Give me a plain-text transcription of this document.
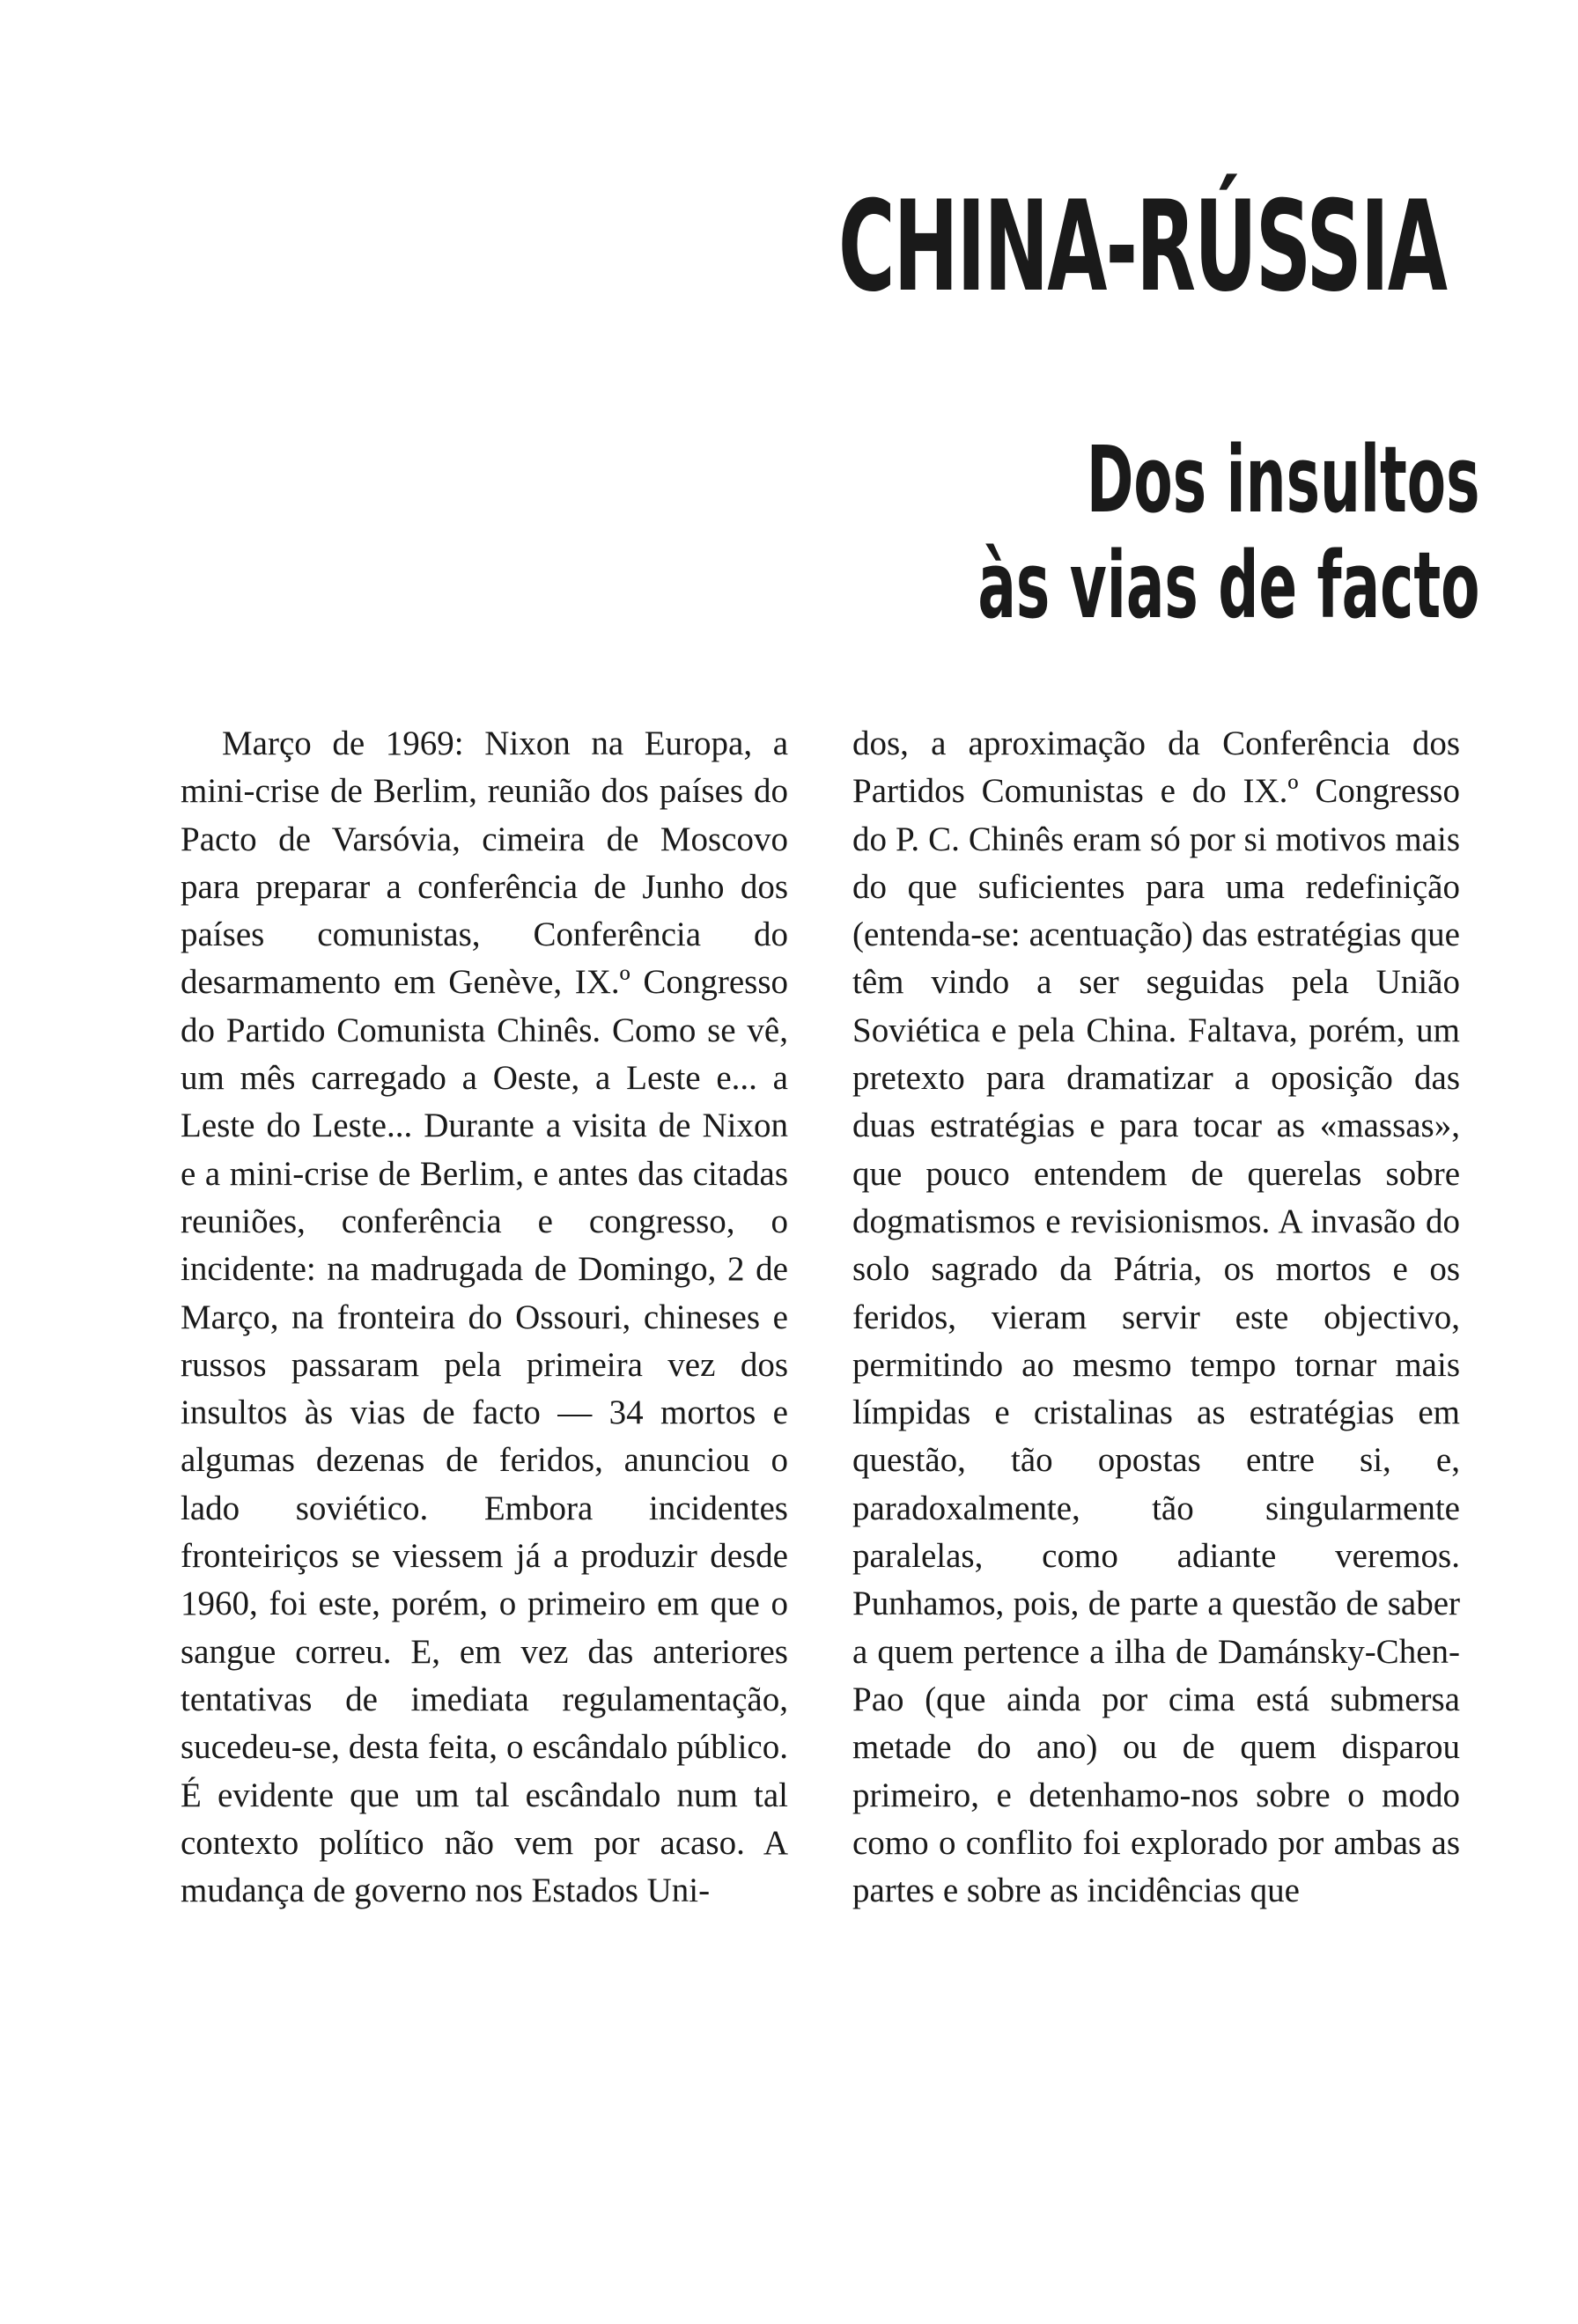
CHINA-RÚSSIA
Dos insultos
às vias de facto

Março de 1969: Nixon na Europa, a mini-crise de Berlim, reunião dos países do Pacto de Varsóvia, cimeira de Moscovo para preparar a conferência de Junho dos países comunistas, Conferência do desarmamento em Genève, IX.º Congresso do Partido Comunista Chinês. Como se vê, um mês carregado a Oeste, a Leste e... a Leste do Leste... Durante a visita de Nixon e a mini-crise de Berlim, e antes das citadas reuniões, conferência e congresso, o incidente: na madrugada de Domingo, 2 de Março, na fronteira do Ossouri, chineses e russos passaram pela primeira vez dos insultos às vias de facto — 34 mortos e algumas dezenas de feridos, anunciou o lado soviético. Embora incidentes fronteiriços se viessem já a produzir desde 1960, foi este, porém, o primeiro em que o sangue correu. E, em vez das anteriores tentativas de imediata regulamentação, sucedeu-se, desta feita, o escândalo público. É evidente que um tal escândalo num tal contexto político não vem por acaso. A mudança de governo nos Estados Uni-

dos, a aproximação da Conferência dos Partidos Comunistas e do IX.º Congresso do P. C. Chinês eram só por si motivos mais do que suficientes para uma redefinição (entenda-se: acentuação) das estratégias que têm vindo a ser seguidas pela União Soviética e pela China. Faltava, porém, um pretexto para dramatizar a oposição das duas estratégias e para tocar as «massas», que pouco entendem de querelas sobre dogmatismos e revisionismos. A invasão do solo sagrado da Pátria, os mortos e os feridos, vieram servir este objectivo, permitindo ao mesmo tempo tornar mais límpidas e cristalinas as estratégias em questão, tão opostas entre si, e, paradoxalmente, tão singularmente paralelas, como adiante veremos. Punhamos, pois, de parte a questão de saber a quem pertence a ilha de Damánsky-Chen-Pao (que ainda por cima está submersa metade do ano) ou de quem disparou primeiro, e detenhamo-nos sobre o modo como o conflito foi explorado por ambas as partes e sobre as incidências que
